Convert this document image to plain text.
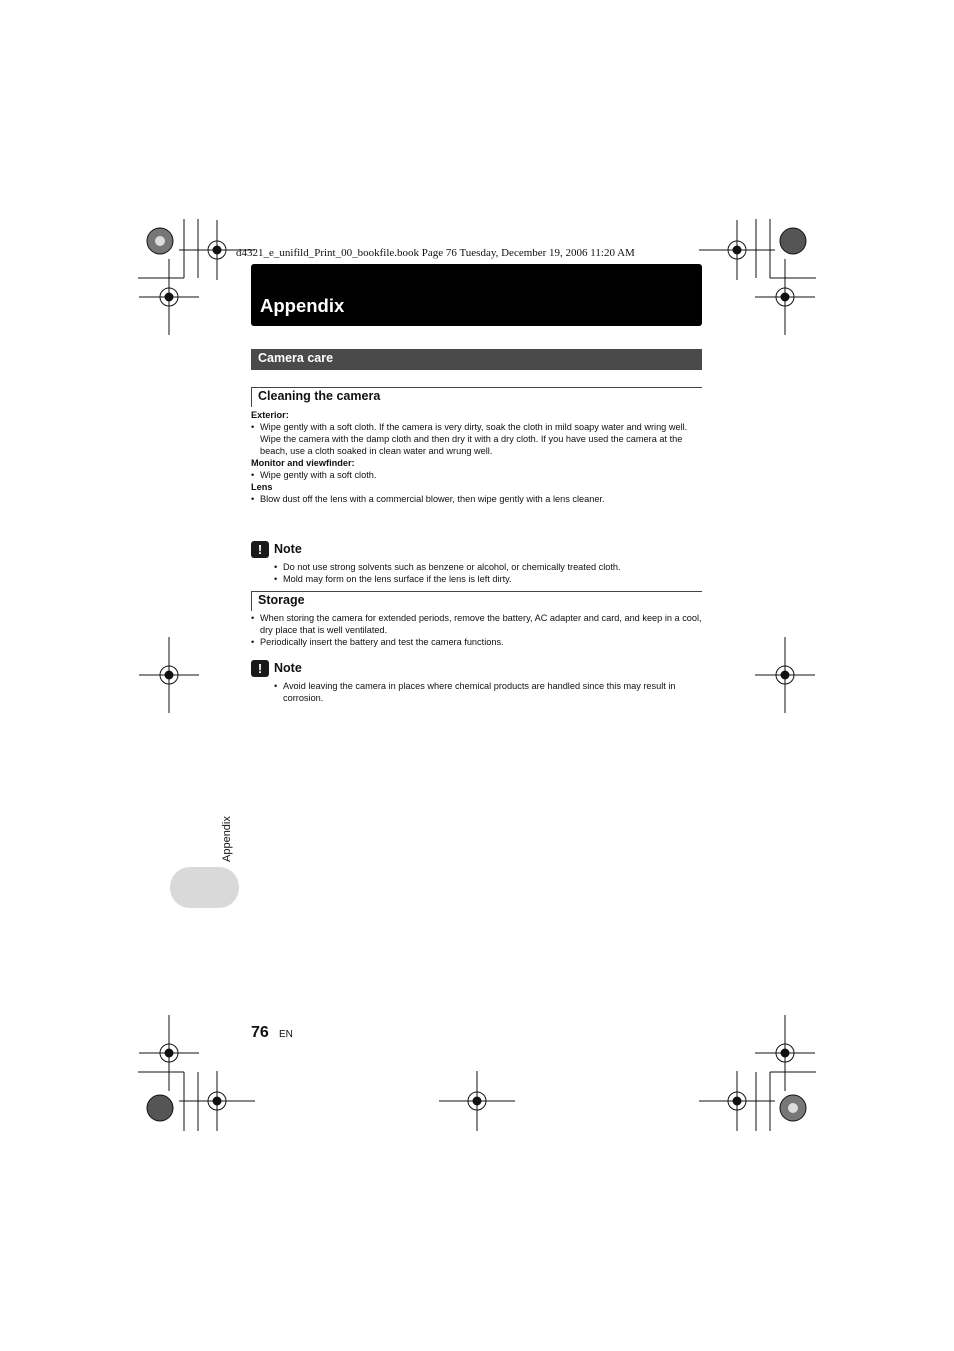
d4321_e_unifild_Print_00_bookfile.book Page 76 Tuesday, December 19, 2006 11:20 AM
Appendix
Camera care
Cleaning the camera
Exterior:
• Wipe gently with a soft cloth. If the camera is very dirty, soak the cloth in mild soapy water and wring well. Wipe the camera with the damp cloth and then dry it with a dry cloth. If you have used the camera at the beach, use a cloth soaked in clean water and wrung well.
Monitor and viewfinder:
• Wipe gently with a soft cloth.
Lens
• Blow dust off the lens with a commercial blower, then wipe gently with a lens cleaner.
! Note
• Do not use strong solvents such as benzene or alcohol, or chemically treated cloth.
• Mold may form on the lens surface if the lens is left dirty.
Storage
• When storing the camera for extended periods, remove the battery, AC adapter and card, and keep in a cool, dry place that is well ventilated.
• Periodically insert the battery and test the camera functions.
! Note
• Avoid leaving the camera in places where chemical products are handled since this may result in corrosion.
Appendix
76 EN
